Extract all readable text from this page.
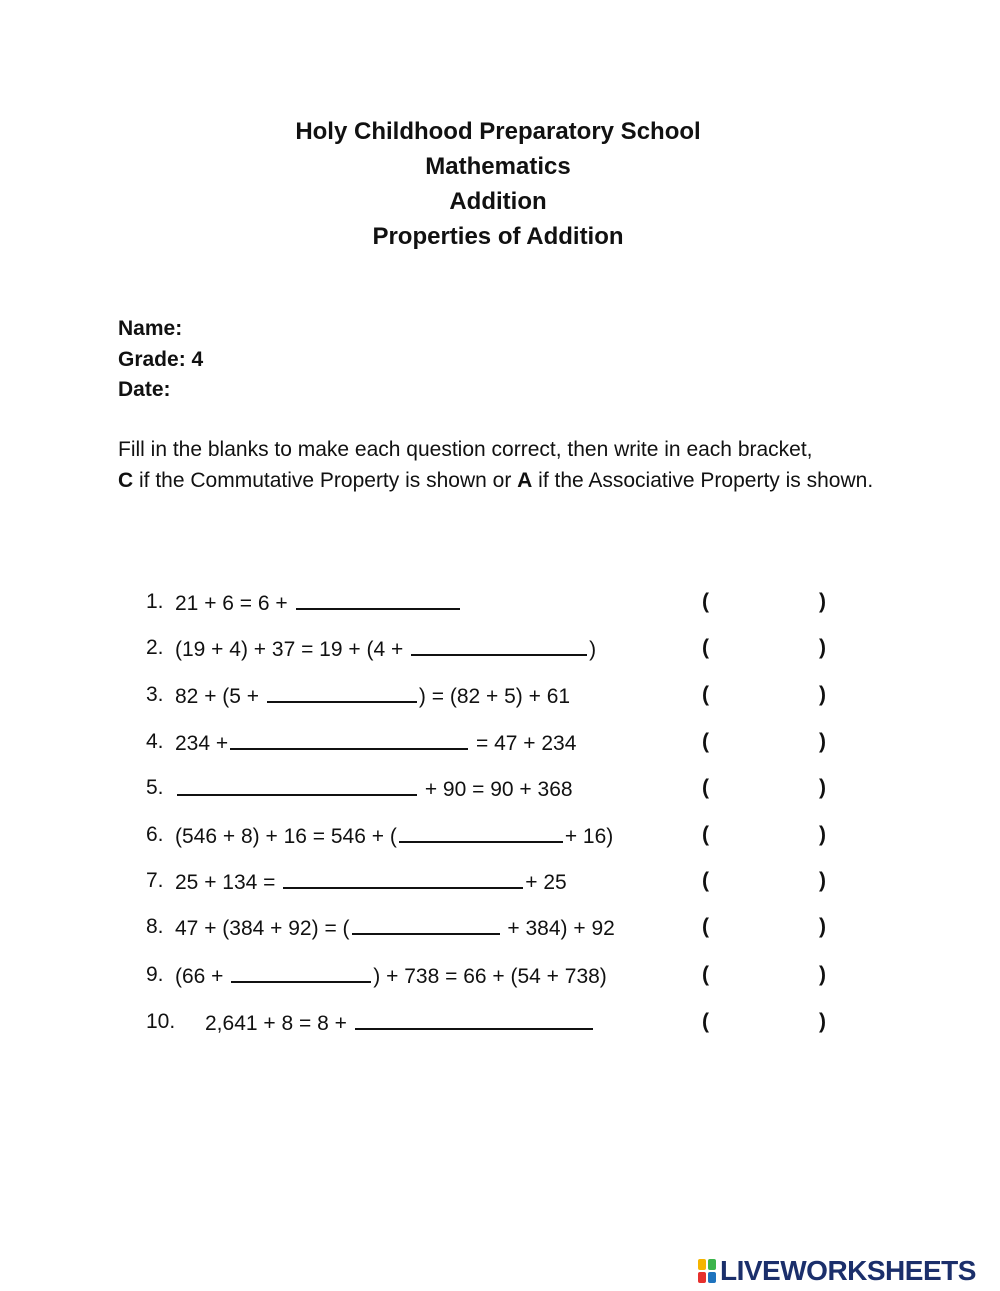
Holy Childhood Preparatory School
Mathematics
Addition
Properties of Addition
Name:
Grade: 4
Date:
Fill in the blanks to make each question correct, then write in each bracket,
C if the Commutative Property is shown or A if the Associative Property is shown.
1. 21 + 6 = 6 +	(	)
2. (19 + 4) + 37 = 19 + (4 +	)	(	)
3. 82 + (5 +	) = (82 + 5) + 61	(	)
4. 234 +	= 47 + 234	(	)
5.	+ 90 = 90 + 368	(	)
6. (546 + 8) + 16 = 546 + (	+ 16)	(	)
7. 25 + 134 =	+ 25	(	)
8. 47 + (384 + 92) = (	+ 384) + 92	(	)
9. (66 +	) + 738 = 66 + (54 + 738)	(	)
10. 2,641 + 8 = 8 +	(	)
LIVEWORKSHEETS
